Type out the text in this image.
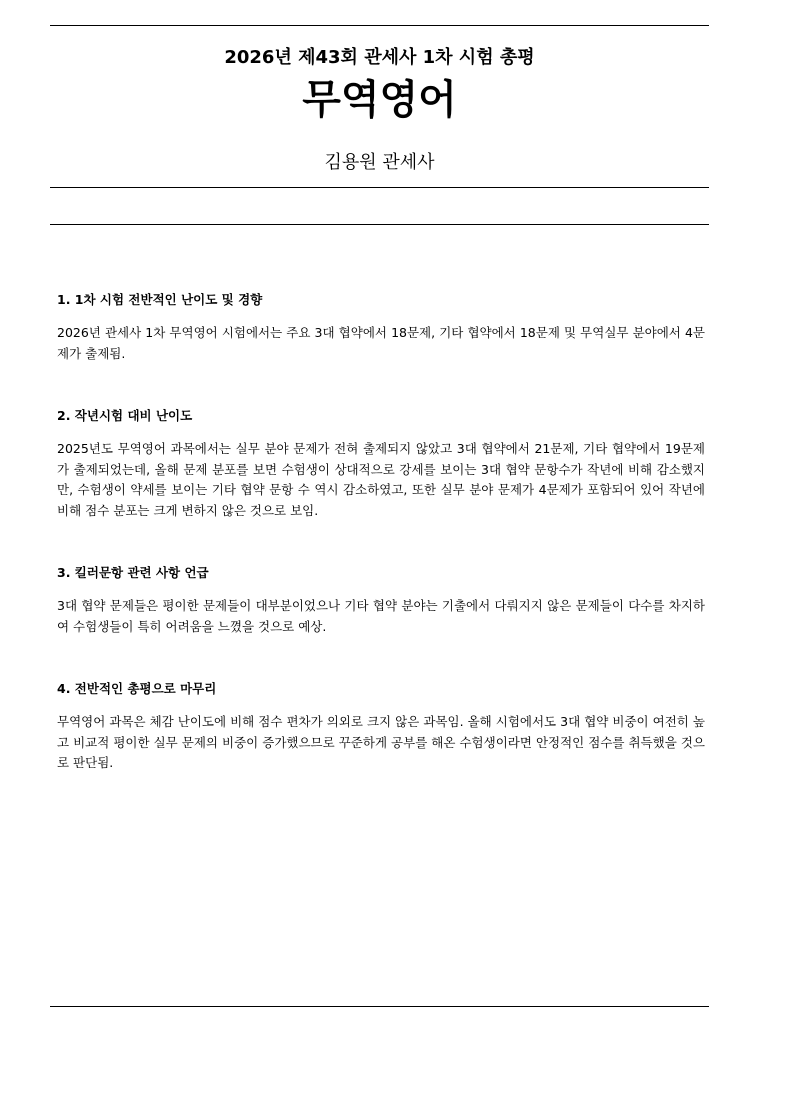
2026년 제43회 관세사 1차 시험 총평
무역영어
김용원 관세사

1. 1차 시험 전반적인 난이도 및 경향

2026년 관세사 1차 무역영어 시험에서는 주요 3대 협약에서 18문제, 기타 협약에서 18문제 및 무역실무 분야에서 4문제가 출제됨.

2. 작년시험 대비 난이도

2025년도 무역영어 과목에서는 실무 분야 문제가 전혀 출제되지 않았고 3대 협약에서 21문제, 기타 협약에서 19문제가 출제되었는데, 올해 문제 분포를 보면 수험생이 상대적으로 강세를 보이는 3대 협약 문항수가 작년에 비해 감소했지만, 수험생이 약세를 보이는 기타 협약 문항 수 역시 감소하였고, 또한 실무 분야 문제가 4문제가 포함되어 있어 작년에 비해 점수 분포는 크게 변하지 않은 것으로 보임.

3. 킬러문항 관련 사항 언급

3대 협약 문제들은 평이한 문제들이 대부분이었으나 기타 협약 분야는 기출에서 다뤄지지 않은 문제들이 다수를 차지하여 수험생들이 특히 어려움을 느꼈을 것으로 예상.

4. 전반적인 총평으로 마무리

무역영어 과목은 체감 난이도에 비해 점수 편차가 의외로 크지 않은 과목임. 올해 시험에서도 3대 협약 비중이 여전히 높고 비교적 평이한 실무 문제의 비중이 증가했으므로 꾸준하게 공부를 해온 수험생이라면 안정적인 점수를 취득했을 것으로 판단됨.
